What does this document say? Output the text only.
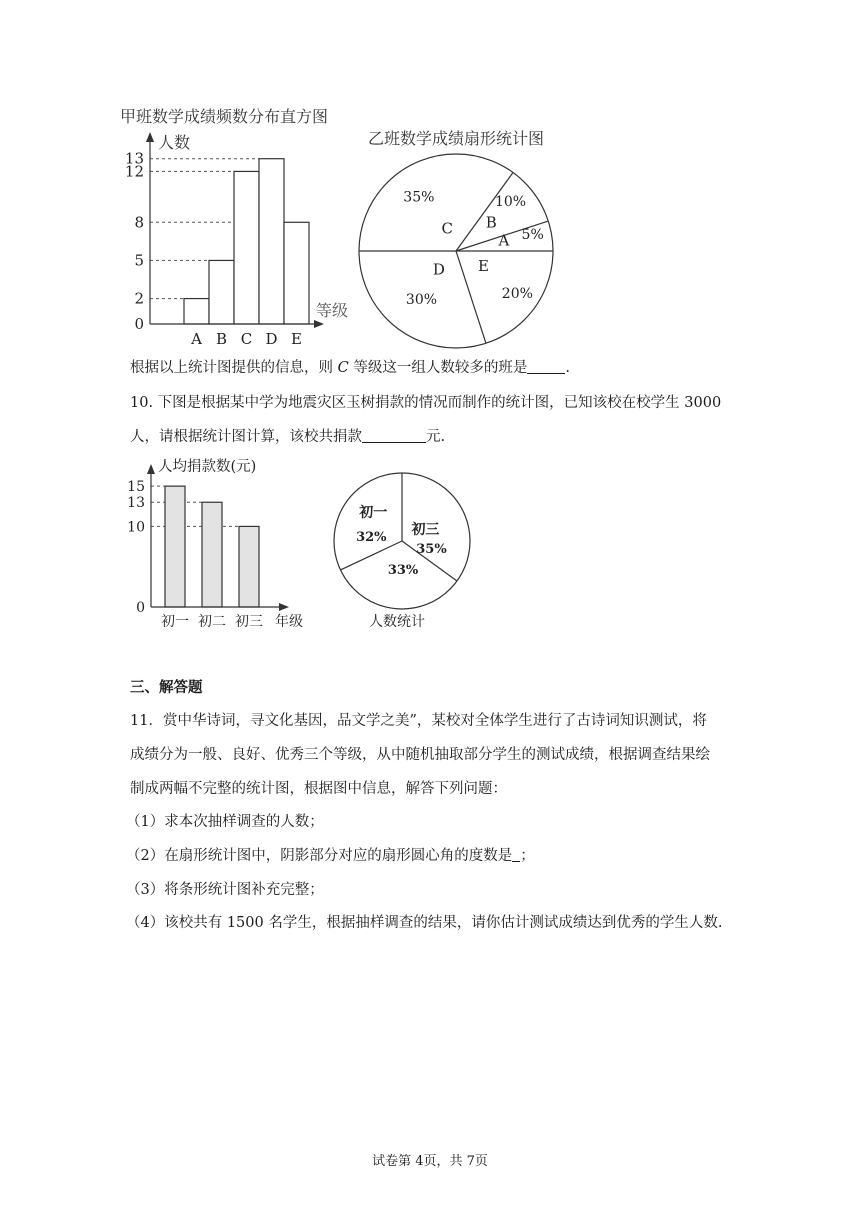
甲班数学成绩频数分布直方图
人数
等级
0
2
5
8
12
13
A B C D E
乙班数学成绩扇形统计图
A 5%
B
10%
C
35%
D
30%
E
20%

根据以上统计图提供的信息，则 C 等级这一组人数较多的班是	.

10. 下图是根据某中学为地震灾区玉树捐款的情况而制作的统计图，已知该校在校学生 3000

人，请根据统计图计算，该校共捐款	元.

人均捐款数(元)
年级
0
10
13
15
初一 初二 初三
初一
32%
33%
初三
35%
人数统计

三、解答题

11．赏中华诗词，寻文化基因，品文学之美”，某校对全体学生进行了古诗词知识测试，将

成绩分为一般、良好、优秀三个等级，从中随机抽取部分学生的测试成绩，根据调查结果绘

制成两幅不完整的统计图，根据图中信息，解答下列问题：

（1）求本次抽样调查的人数；

（2）在扇形统计图中，阴影部分对应的扇形圆心角的度数是 ；

（3）将条形统计图补充完整；

（4）该校共有 1500 名学生，根据抽样调查的结果，请你估计测试成绩达到优秀的学生人数.

试卷第 4页，共 7页
